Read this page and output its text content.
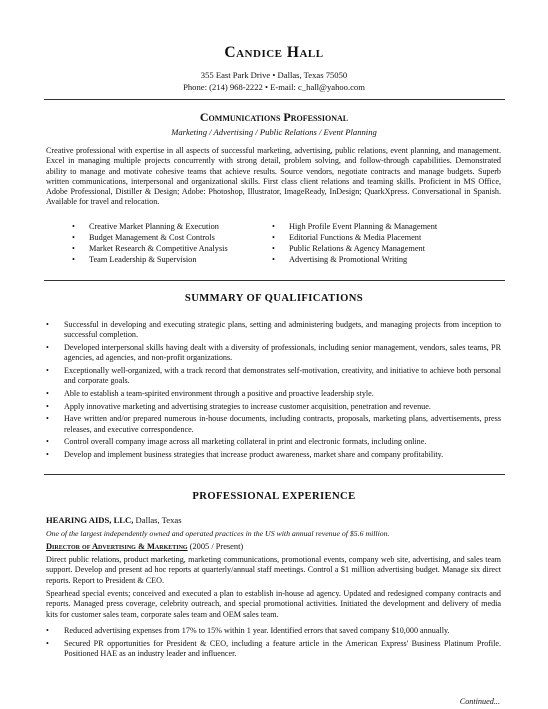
Candice Hall
355 East Park Drive • Dallas, Texas 75050
Phone: (214) 968-2222 • E-mail: c_hall@yahoo.com
Communications Professional
Marketing / Advertising / Public Relations / Event Planning
Creative professional with expertise in all aspects of successful marketing, advertising, public relations, event planning, and management. Excel in managing multiple projects concurrently with strong detail, problem solving, and follow-through capabilities. Demonstrated ability to manage and motivate cohesive teams that achieve results. Source vendors, negotiate contracts and manage budgets. Superb written communications, interpersonal and organizational skills. First class client relations and teaming skills. Proficient in MS Office, Adobe Professional, Distiller & Design; Adobe: Photoshop, Illustrator, ImageReady, InDesign; QuarkXpress. Conversational in Spanish. Available for travel and relocation.
• Creative Market Planning & Execution
• Budget Management & Cost Controls
• Market Research & Competitive Analysis
• Team Leadership & Supervision
• High Profile Event Planning & Management
• Editorial Functions & Media Placement
• Public Relations & Agency Management
• Advertising & Promotional Writing
SUMMARY OF QUALIFICATIONS
• Successful in developing and executing strategic plans, setting and administering budgets, and managing projects from inception to successful completion.
• Developed interpersonal skills having dealt with a diversity of professionals, including senior management, vendors, sales teams, PR agencies, ad agencies, and non-profit organizations.
• Exceptionally well-organized, with a track record that demonstrates self-motivation, creativity, and initiative to achieve both personal and corporate goals.
• Able to establish a team-spirited environment through a positive and proactive leadership style.
• Apply innovative marketing and advertising strategies to increase customer acquisition, penetration and revenue.
• Have written and/or prepared numerous in-house documents, including contracts, proposals, marketing plans, advertisements, press releases, and executive correspondence.
• Control overall company image across all marketing collateral in print and electronic formats, including online.
• Develop and implement business strategies that increase product awareness, market share and company profitability.
PROFESSIONAL EXPERIENCE
HEARING AIDS, LLC, Dallas, Texas
One of the largest independently owned and operated practices in the US with annual revenue of $5.6 million.
Director of Advertising & Marketing (2005 / Present)
Direct public relations, product marketing, marketing communications, promotional events, company web site, advertising, and sales team support. Develop and present ad hoc reports at quarterly/annual staff meetings. Control a $1 million advertising budget. Manage six direct reports. Report to President & CEO.
Spearhead special events; conceived and executed a plan to establish in-house ad agency. Updated and redesigned company contracts and reports. Managed press coverage, celebrity outreach, and special promotional activities. Initiated the development and delivery of media kits for customer sales team, corporate sales team and OEM sales team.
• Reduced advertising expenses from 17% to 15% within 1 year. Identified errors that saved company $10,000 annually.
• Secured PR opportunities for President & CEO, including a feature article in the American Express' Business Platinum Profile. Positioned HAE as an industry leader and influencer.
Continued...
